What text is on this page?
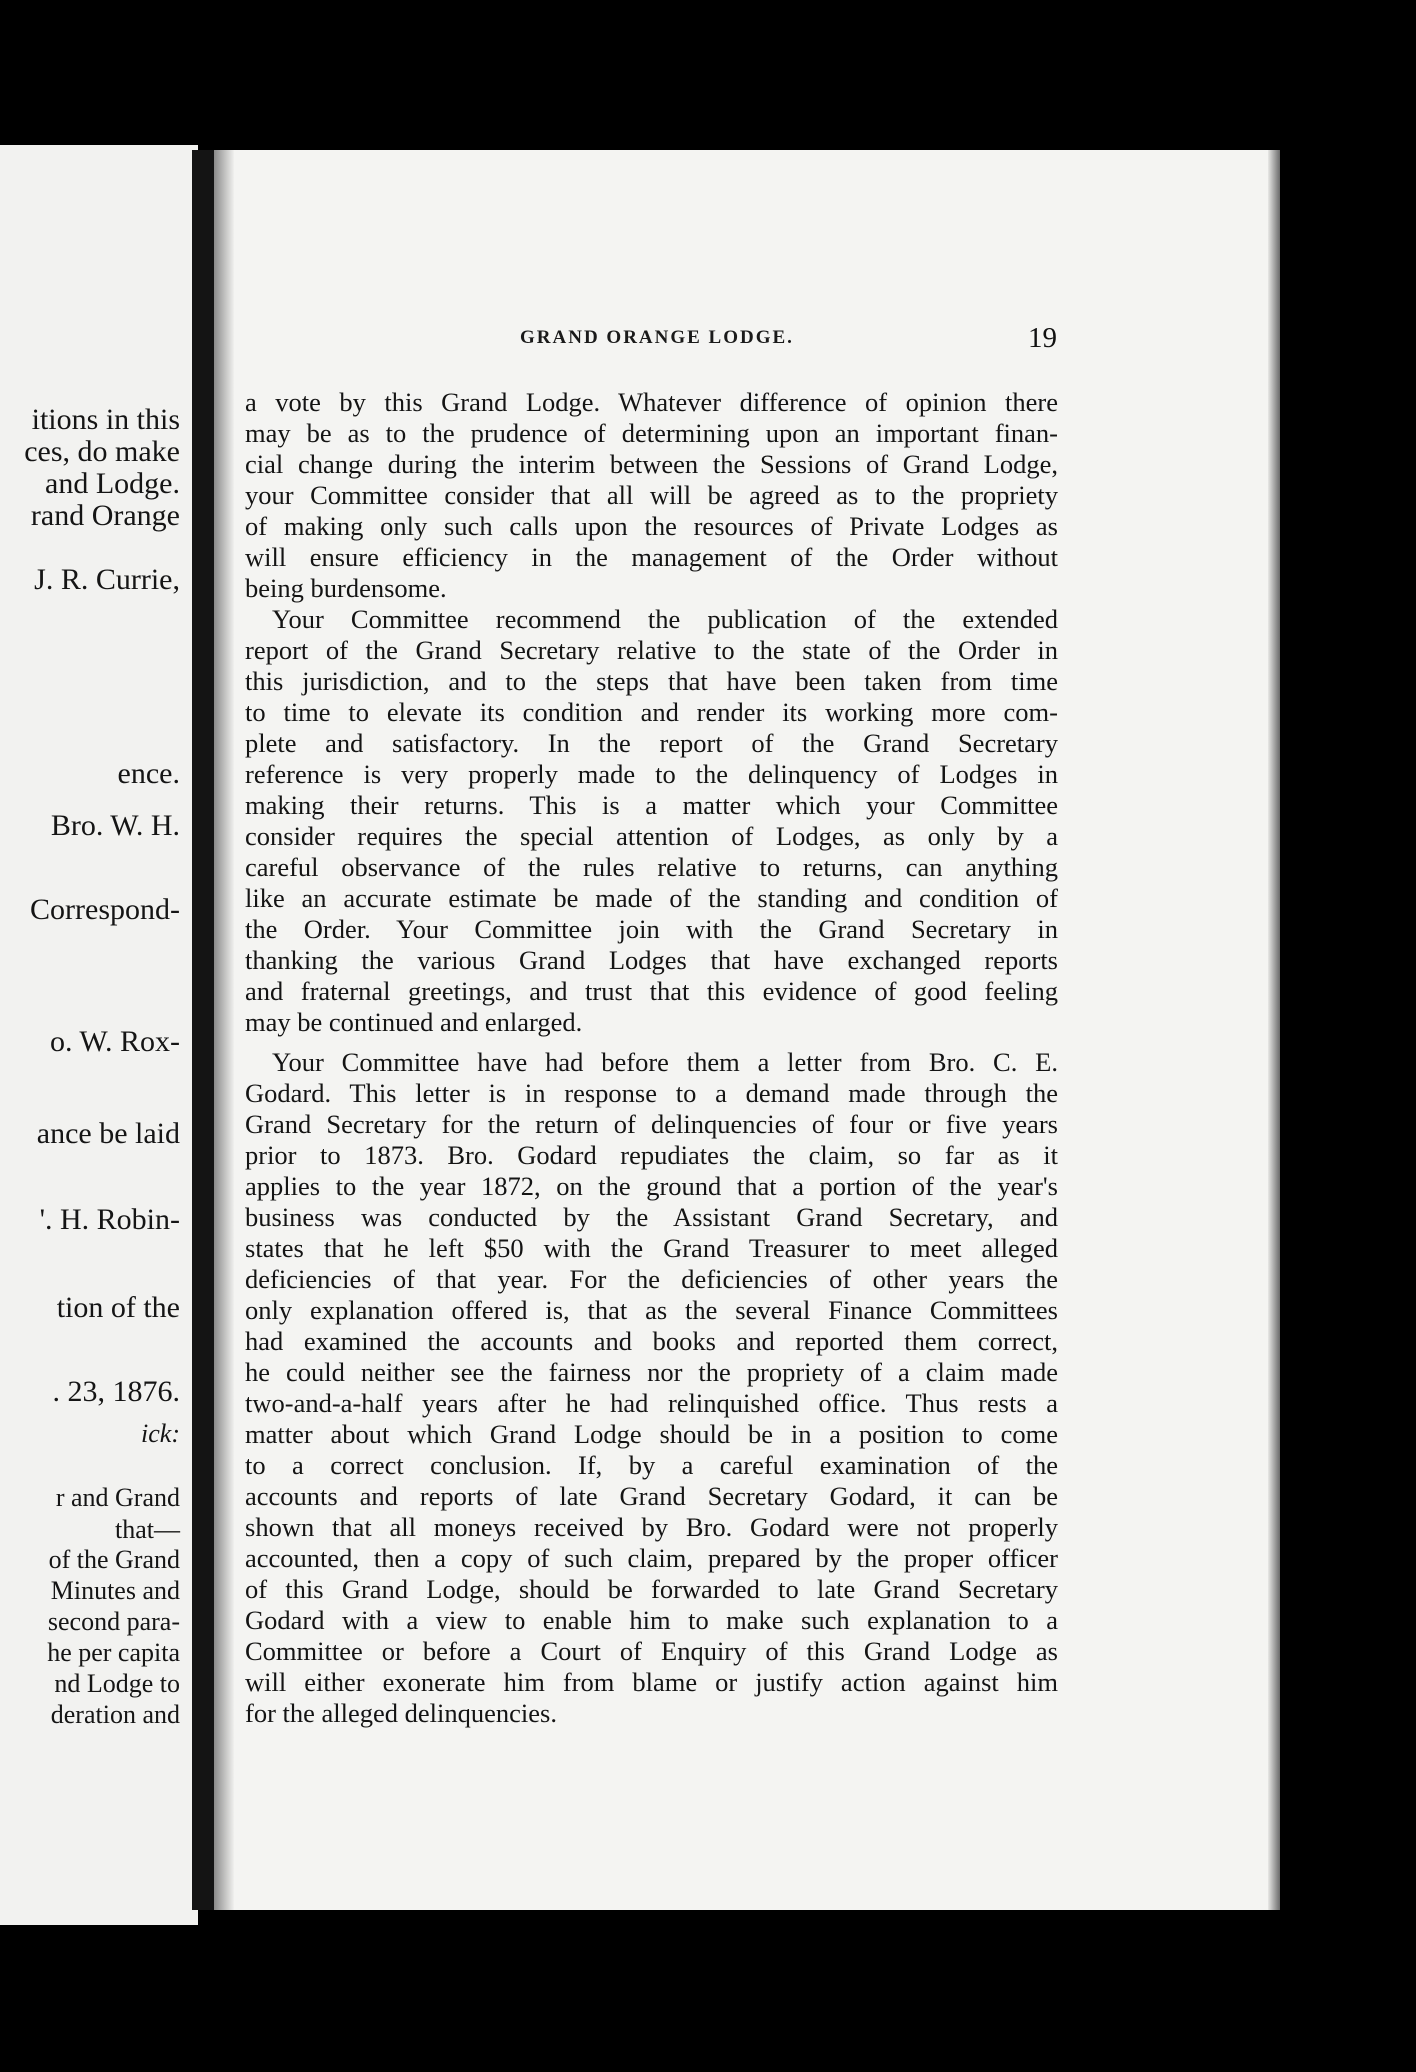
itions in this
ces, do make
and Lodge.
rand Orange
J. R. Currie,
ence.
Bro. W. H.
Correspond-
o. W. Rox-
ance be laid
'. H. Robin-
tion of the
. 23, 1876.
ick:
r and Grand
that—
of the Grand
Minutes and
second para-
he per capita
nd Lodge to
deration and
GRAND ORANGE LODGE.	19
a vote by this Grand Lodge. Whatever difference of opinion there
may be as to the prudence of determining upon an important finan-
cial change during the interim between the Sessions of Grand Lodge,
your Committee consider that all will be agreed as to the propriety
of making only such calls upon the resources of Private Lodges as
will ensure efficiency in the management of the Order without
being burdensome.
Your Committee recommend the publication of the extended
report of the Grand Secretary relative to the state of the Order in
this jurisdiction, and to the steps that have been taken from time
to time to elevate its condition and render its working more com-
plete and satisfactory. In the report of the Grand Secretary
reference is very properly made to the delinquency of Lodges in
making their returns. This is a matter which your Committee
consider requires the special attention of Lodges, as only by a
careful observance of the rules relative to returns, can anything
like an accurate estimate be made of the standing and condition of
the Order. Your Committee join with the Grand Secretary in
thanking the various Grand Lodges that have exchanged reports
and fraternal greetings, and trust that this evidence of good feeling
may be continued and enlarged.
Your Committee have had before them a letter from Bro. C. E.
Godard. This letter is in response to a demand made through the
Grand Secretary for the return of delinquencies of four or five years
prior to 1873. Bro. Godard repudiates the claim, so far as it
applies to the year 1872, on the ground that a portion of the year's
business was conducted by the Assistant Grand Secretary, and
states that he left $50 with the Grand Treasurer to meet alleged
deficiencies of that year. For the deficiencies of other years the
only explanation offered is, that as the several Finance Committees
had examined the accounts and books and reported them correct,
he could neither see the fairness nor the propriety of a claim made
two-and-a-half years after he had relinquished office. Thus rests a
matter about which Grand Lodge should be in a position to come
to a correct conclusion. If, by a careful examination of the
accounts and reports of late Grand Secretary Godard, it can be
shown that all moneys received by Bro. Godard were not properly
accounted, then a copy of such claim, prepared by the proper officer
of this Grand Lodge, should be forwarded to late Grand Secretary
Godard with a view to enable him to make such explanation to a
Committee or before a Court of Enquiry of this Grand Lodge as
will either exonerate him from blame or justify action against him
for the alleged delinquencies.
